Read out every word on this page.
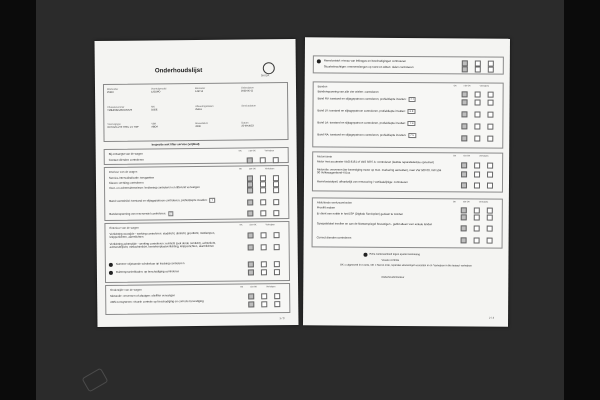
Onderhoudslijst
ŠKODA
Werkorder
25940
Voertuigmodel
125LWO
Kilometer
149712
Orderdatum
2023-05-11
Chassisnummer
TMBJP9NS4K0105578
MK
DS5E
Afleveringsdatum
25461
Servicedatum
Voertuigtype
OCTAVIA 2TF TREL 1.5 TSIF
VBK
ABDA
Bouwdatum
2000
Datum
25-09-2023
Inspectie met lifter-service (vrijblad)
Bij ontvangst van de wagen
OK	niet OK	Verholpen
Contact dienden controleren
Interieur van de wagen
OK	niet OK	Verholpen
Service-Intervalindicatie: terugzetten
Claxon: werking controleren
Voor- en achterruitenwisser: bediening controleren en lifterunit vervangen
Band voorwiel/al: toestand en slijtagepatroon controleren, profieldiepte invullen: 7
Bandenspanning van reservewiel controleren: 2
Exterieur van de wagen
OK	niet OK	Verholpen
Verlichting voorzijde - werking controleren: stadslicht, dimlicht, grootlicht, mistlampen, knipperlichten, alarmlichten
Verlichting achterzijde - werking controleren: remlicht (ook derde remlicht), achterlicht, achteruitrijlicht, mistachterlicht, kentekenplaatverlichting, knipperlichten, alarmlichten
Nummer vrijstaande schakelaar op tracking controleren
Ruitensproeierbladen: op beschadiging controleren
Onderzijde van de wagen
OK	niet OK	Verholpen
Motorolie: verversen of afzuigen: oliefilter vervangen
ABS remsysteem: visuele controle op beschadiging en correcte bevestiging
1 / 3
Remvloeistof: niveau van lekkages en beschadigingen controleren
Stuurbekrachtiger: remmenslangen op roest en witten: delen controleren
Banden	OK	niet OK	Verholpen
Bandenspanning van alle vier wielen: controleren
Band RV: toestand en slijtagepatroon controleren, profieldiepte invullen: 7.7
Band LV: toestand en slijtagepatroon controleren, profieldiepte invullen: 6.8
Band LA: toestand en slijtagepatroon controleren, profieldiepte invullen: 7.4
Band RA: toestand en slijtagepatroon controleren, profieldiepte invullen: 7.5
Motorruimte	OK	niet OK	Verholpen
Motor met accutester VAG 8161 of VAS 5097 A: controleren (laatste reparatielevisie opnemen)
Motorolie: verversen (ter bevestiging motor op max. markering aanvullen), naar VW 500 00, VW 504 00 Volkswagenbond-4 Eva
Remvloeistofpeil, afhankelijk van remvoering / vertikalelijnige: controleren
Afsluitende werkzaamheden	OK	niet OK	Verholpen
Proefrit maken
Er dient een notitie in het ESP (Digitale Servicplan) gedaan te worden
Synapsbildsel invullen en aan de klantenspiegel bevestigen - getild alleen voor enkele landen
Correct dienden controleren
Extra werkzaamheid tegen aparte berekening
Visuele controle
OK = uitgevoerd in in orde, OK = Niet in orde, reparatie uitvoeringen vereisten in en 'Verholpen in the history' verholpen
Onderhoudsmonteur
2 / 3
